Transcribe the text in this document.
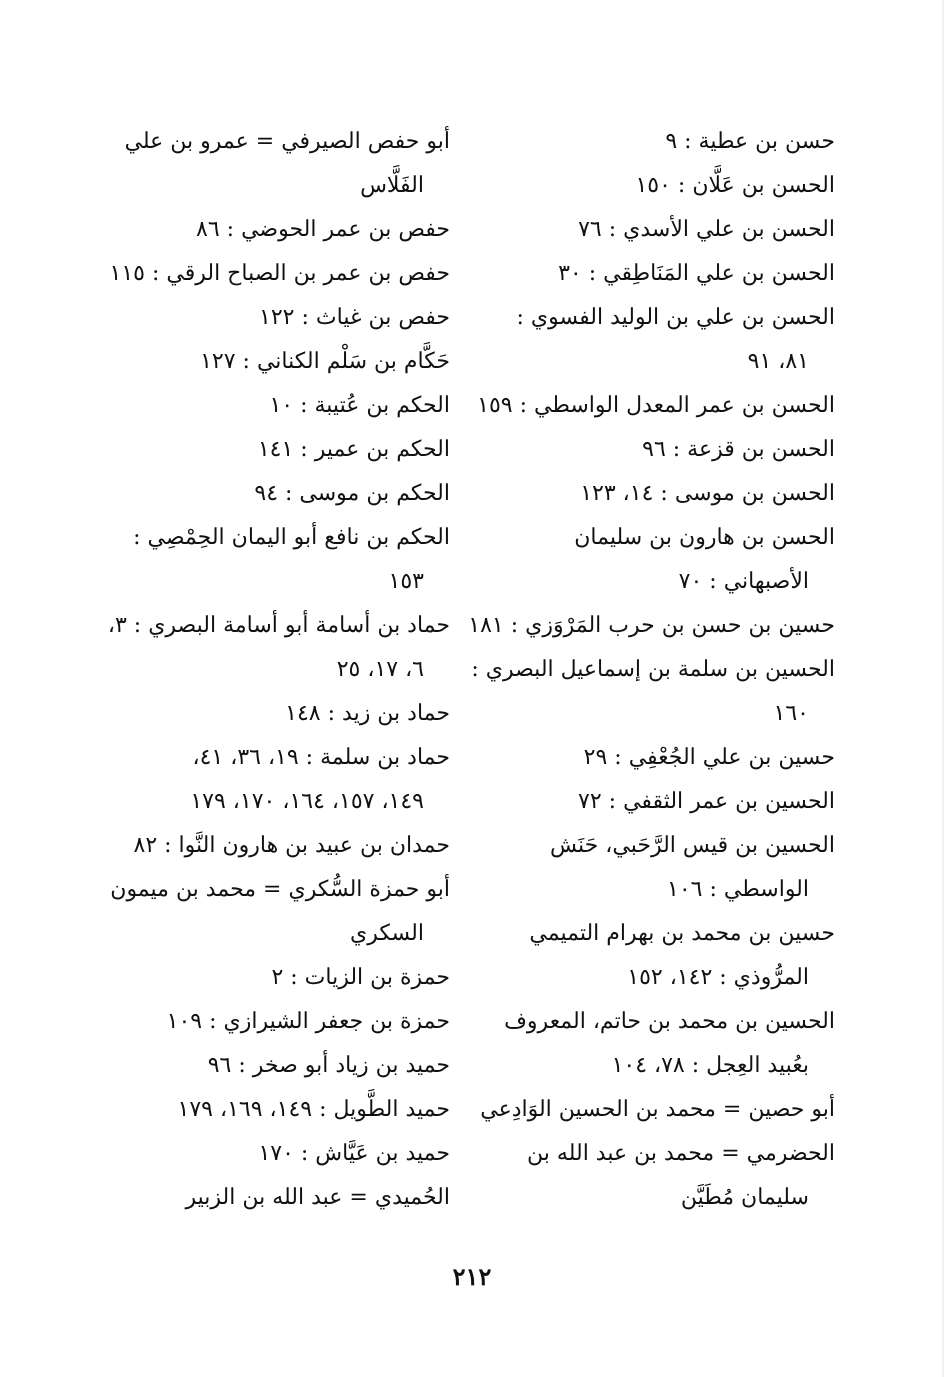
حسن بن عطية : ٩
الحسن بن عَلَّان : ١٥٠
الحسن بن علي الأسدي : ٧٦
الحسن بن علي المَنَاطِقي : ٣٠
الحسن بن علي بن الوليد الفسوي :
٨١، ٩١
الحسن بن عمر المعدل الواسطي : ١٥٩
الحسن بن قزعة : ٩٦
الحسن بن موسى : ١٤، ١٢٣
الحسن بن هارون بن سليمان
الأصبهاني : ٧٠
حسين بن حسن بن حرب المَرْوَزي : ١٨١
الحسين بن سلمة بن إسماعيل البصري :
١٦٠
حسين بن علي الجُعْفِي : ٢٩
الحسين بن عمر الثقفي : ٧٢
الحسين بن قيس الرَّحَبي، حَنَش
الواسطي : ١٠٦
حسين بن محمد بن بهرام التميمي
المرُّوذي : ١٤٢، ١٥٢
الحسين بن محمد بن حاتم، المعروف
بعُبيد العِجل : ٧٨، ١٠٤
أبو حصين = محمد بن الحسين الوَادِعي
الحضرمي = محمد بن عبد الله بن
سليمان مُطَيَّن
أبو حفص الصيرفي = عمرو بن علي
الفَلَّاس
حفص بن عمر الحوضي : ٨٦
حفص بن عمر بن الصباح الرقي : ١١٥
حفص بن غياث : ١٢٢
حَكَّام بن سَلْم الكناني : ١٢٧
الحكم بن عُتيبة : ١٠
الحكم بن عمير : ١٤١
الحكم بن موسى : ٩٤
الحكم بن نافع أبو اليمان الحِمْصِي :
١٥٣
حماد بن أسامة أبو أسامة البصري : ٣،
٦، ١٧، ٢٥
حماد بن زيد : ١٤٨
حماد بن سلمة : ١٩، ٣٦، ٤١،
١٤٩، ١٥٧، ١٦٤، ١٧٠، ١٧٩
حمدان بن عبيد بن هارون النَّوا : ٨٢
أبو حمزة السُّكري = محمد بن ميمون
السكري
حمزة بن الزيات : ٢
حمزة بن جعفر الشيرازي : ١٠٩
حميد بن زياد أبو صخر : ٩٦
حميد الطَّويل : ١٤٩، ١٦٩، ١٧٩
حميد بن عَيَّاش : ١٧٠
الحُميدي = عبد الله بن الزبير
٢١٢
